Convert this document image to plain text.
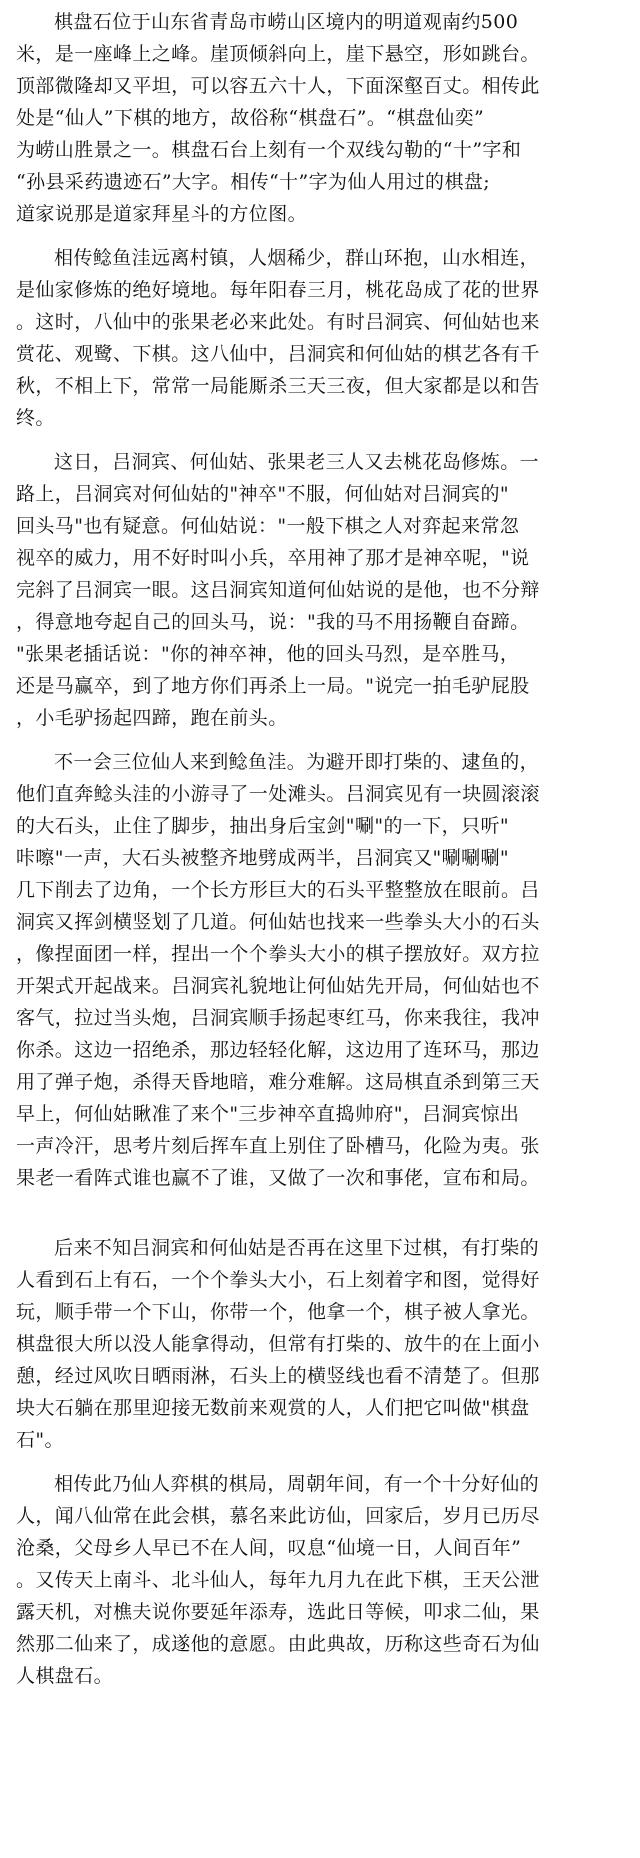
棋盘石位于山东省青岛市崂山区境内的明道观南约500
米，是一座峰上之峰。崖顶倾斜向上，崖下悬空，形如跳台。
顶部微隆却又平坦，可以容五六十人，下面深壑百丈。相传此
处是“仙人”下棋的地方，故俗称“棋盘石”。“棋盘仙奕”
为崂山胜景之一。棋盘石台上刻有一个双线勾勒的“十”字和
“孙县采药遗迹石”大字。相传“十”字为仙人用过的棋盘;
道家说那是道家拜星斗的方位图。

相传鲶鱼洼远离村镇，人烟稀少，群山环抱，山水相连，
是仙家修炼的绝好境地。每年阳春三月，桃花岛成了花的世界
。这时，八仙中的张果老必来此处。有时吕洞宾、何仙姑也来
赏花、观鹭、下棋。这八仙中，吕洞宾和何仙姑的棋艺各有千
秋，不相上下，常常一局能厮杀三天三夜，但大家都是以和告
终。

这日，吕洞宾、何仙姑、张果老三人又去桃花岛修炼。一
路上，吕洞宾对何仙姑的"神卒"不服，何仙姑对吕洞宾的"
回头马"也有疑意。何仙姑说："一般下棋之人对弈起来常忽
视卒的威力，用不好时叫小兵，卒用神了那才是神卒呢，"说
完斜了吕洞宾一眼。这吕洞宾知道何仙姑说的是他，也不分辩
，得意地夸起自己的回头马，说："我的马不用扬鞭自奋蹄。
"张果老插话说："你的神卒神，他的回头马烈，是卒胜马，
还是马赢卒，到了地方你们再杀上一局。"说完一拍毛驴屁股
，小毛驴扬起四蹄，跑在前头。

不一会三位仙人来到鲶鱼洼。为避开即打柴的、逮鱼的，
他们直奔鲶头洼的小游寻了一处滩头。吕洞宾见有一块圆滚滚
的大石头，止住了脚步，抽出身后宝剑"唰"的一下，只听"
咔嚓"一声，大石头被整齐地劈成两半，吕洞宾又"唰唰唰"
几下削去了边角，一个长方形巨大的石头平整整放在眼前。吕
洞宾又挥剑横竖划了几道。何仙姑也找来一些拳头大小的石头
，像捏面团一样，捏出一个个拳头大小的棋子摆放好。双方拉
开架式开起战来。吕洞宾礼貌地让何仙姑先开局，何仙姑也不
客气，拉过当头炮，吕洞宾顺手扬起枣红马，你来我往，我冲
你杀。这边一招绝杀，那边轻轻化解，这边用了连环马，那边
用了弹子炮，杀得天昏地暗，难分难解。这局棋直杀到第三天
早上，何仙姑瞅准了来个"三步神卒直捣帅府"，吕洞宾惊出
一声冷汗，思考片刻后挥车直上别住了卧槽马，化险为夷。张
果老一看阵式谁也赢不了谁，又做了一次和事佬，宣布和局。

后来不知吕洞宾和何仙姑是否再在这里下过棋，有打柴的
人看到石上有石，一个个拳头大小，石上刻着字和图，觉得好
玩，顺手带一个下山，你带一个，他拿一个，棋子被人拿光。
棋盘很大所以没人能拿得动，但常有打柴的、放牛的在上面小
憩，经过风吹日晒雨淋，石头上的横竖线也看不清楚了。但那
块大石躺在那里迎接无数前来观赏的人，人们把它叫做"棋盘
石"。

相传此乃仙人弈棋的棋局，周朝年间，有一个十分好仙的
人，闻八仙常在此会棋，慕名来此访仙，回家后，岁月已历尽
沧桑，父母乡人早已不在人间，叹息“仙境一日，人间百年”
。又传天上南斗、北斗仙人，每年九月九在此下棋，王天公泄
露天机，对樵夫说你要延年添寿，选此日等候，叩求二仙，果
然那二仙来了，成遂他的意愿。由此典故，历称这些奇石为仙
人棋盘石。
